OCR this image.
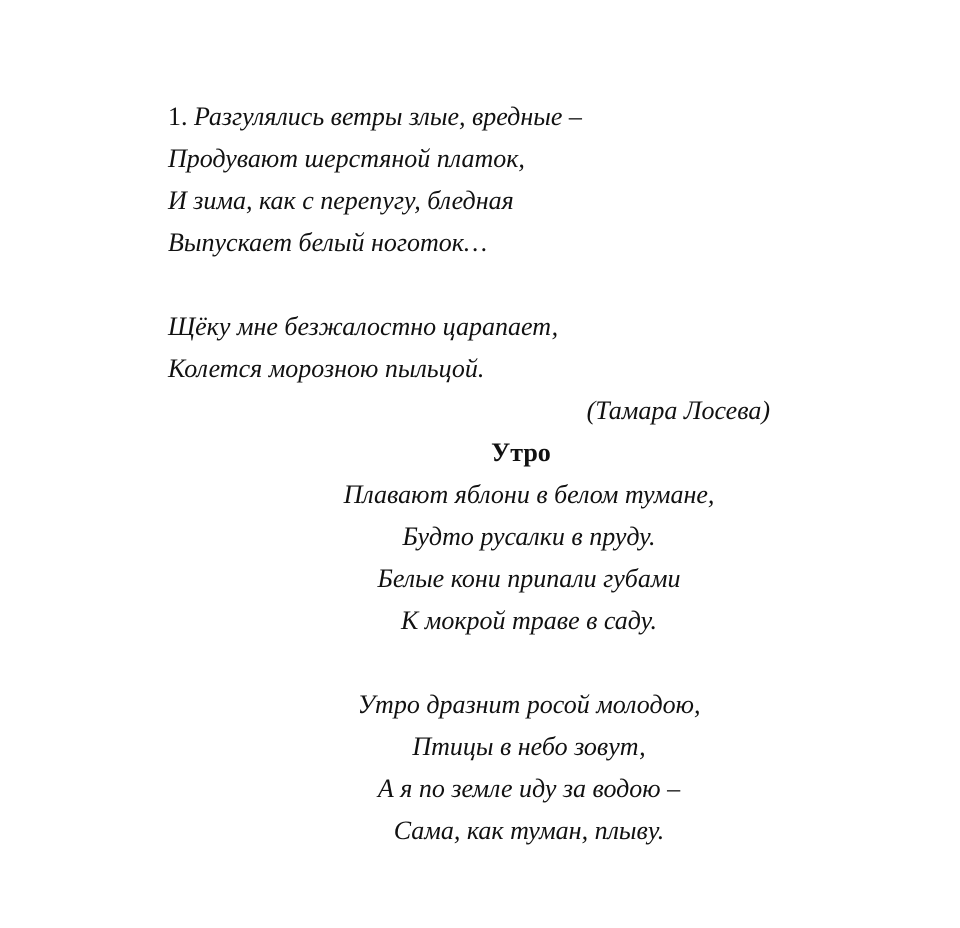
1. Разгулялись ветры злые, вредные –
Продувают шерстяной платок,
И зима, как с перепугу, бледная
Выпускает белый ноготок…
Щёку мне безжалостно царапает,
Колется морозною пыльцой.
(Тамара Лосева)
Утро
Плавают яблони в белом тумане,
Будто русалки в пруду.
Белые кони припали губами
К мокрой траве в саду.
Утро дразнит росой молодою,
Птицы в небо зовут,
А я по земле иду за водою –
Сама, как туман, плыву.
